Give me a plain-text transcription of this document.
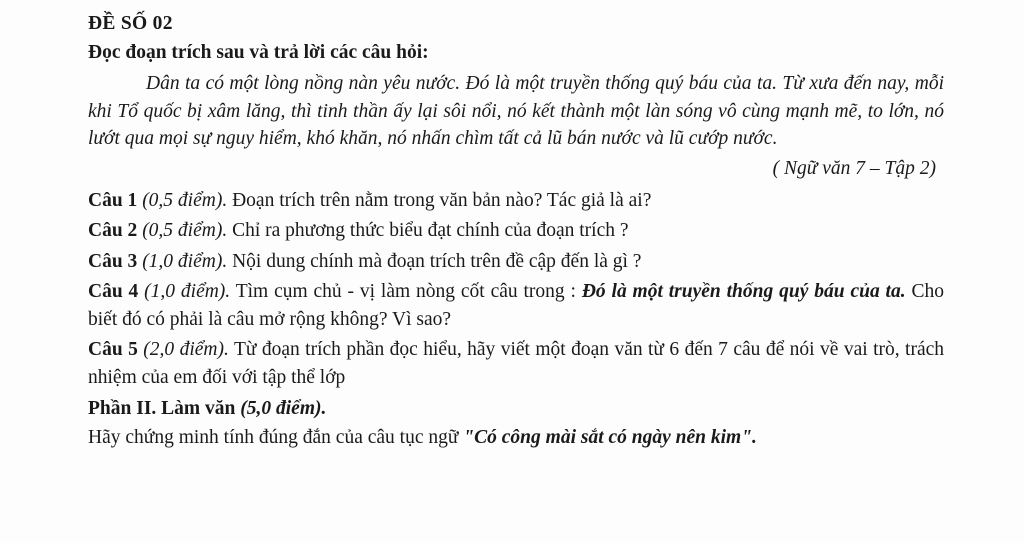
ĐỀ SỐ 02
Đọc đoạn trích sau và trả lời các câu hỏi:
Dân ta có một lòng nồng nàn yêu nước. Đó là một truyền thống quý báu của ta. Từ xưa đến nay, mỗi khi Tổ quốc bị xâm lăng, thì tinh thần ấy lại sôi nổi, nó kết thành một làn sóng vô cùng mạnh mẽ, to lớn, nó lướt qua mọi sự nguy hiểm, khó khăn, nó nhấn chìm tất cả lũ bán nước và lũ cướp nước.
( Ngữ văn 7 – Tập 2)
Câu 1 (0,5 điểm). Đoạn trích trên nằm trong văn bản nào? Tác giả là ai?
Câu 2 (0,5 điểm). Chỉ ra phương thức biểu đạt chính của đoạn trích ?
Câu 3 (1,0 điểm). Nội dung chính mà đoạn trích trên đề cập đến là gì ?
Câu 4 (1,0 điểm). Tìm cụm chủ - vị làm nòng cốt câu trong : Đó là một truyền thống quý báu của ta. Cho biết đó có phải là câu mở rộng không? Vì sao?
Câu 5 (2,0 điểm). Từ đoạn trích phần đọc hiểu, hãy viết một đoạn văn từ 6 đến 7 câu để nói về vai trò, trách nhiệm của em đối với tập thể lớp
Phần II. Làm văn (5,0 điểm).
Hãy chứng minh tính đúng đắn của câu tục ngữ "Có công mài sắt có ngày nên kim".
